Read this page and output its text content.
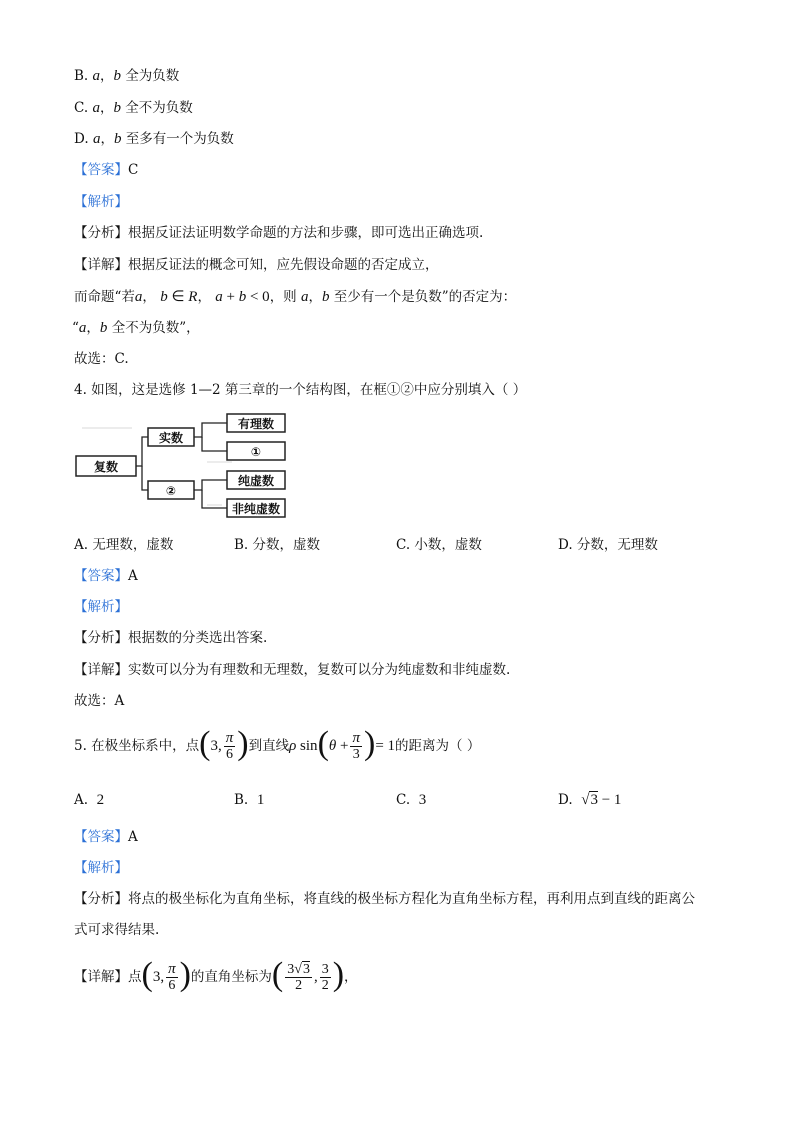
B. a，b 全为负数
C. a，b 全不为负数
D. a，b 至多有一个为负数
【答案】C
【解析】
【分析】根据反证法证明数学命题的方法和步骤，即可选出正确选项.
【详解】根据反证法的概念可知，应先假设命题的否定成立，
而命题“若a， b ∈ R， a + b < 0，则 a，b 至少有一个是负数”的否定为：
“a，b 全不为负数”，
故选：C.
4. 如图，这是选修 1—2 第三章的一个结构图，在框①②中应分别填入（ ）
复数
实数
②
有理数
①
纯虚数
非纯虚数
A. 无理数，虚数	B. 分数，虚数	C. 小数，虚数	D. 分数，无理数
【答案】A
【解析】
【分析】根据数的分类选出答案.
【详解】实数可以分为有理数和无理数，复数可以分为纯虚数和非纯虚数.
故选：A
5. 在极坐标系中，点 ( 3, $\frac{\pi}{6}$ ) 到直线 ρ sin ( $\theta + \frac{\pi}{3}$ ) = 1 的距离为（ ）
A. 2	B. 1	C. 3	D. √3 − 1
【答案】A
【解析】
【分析】将点的极坐标化为直角坐标，将直线的极坐标方程化为直角坐标方程，再利用点到直线的距离公
式可求得结果.
【详解】 点 ( 3, $\frac{\pi}{6}$ ) 的直角坐标为 ( $\frac{3√3}{2}$ , $\frac{3}{2}$ ) ，
